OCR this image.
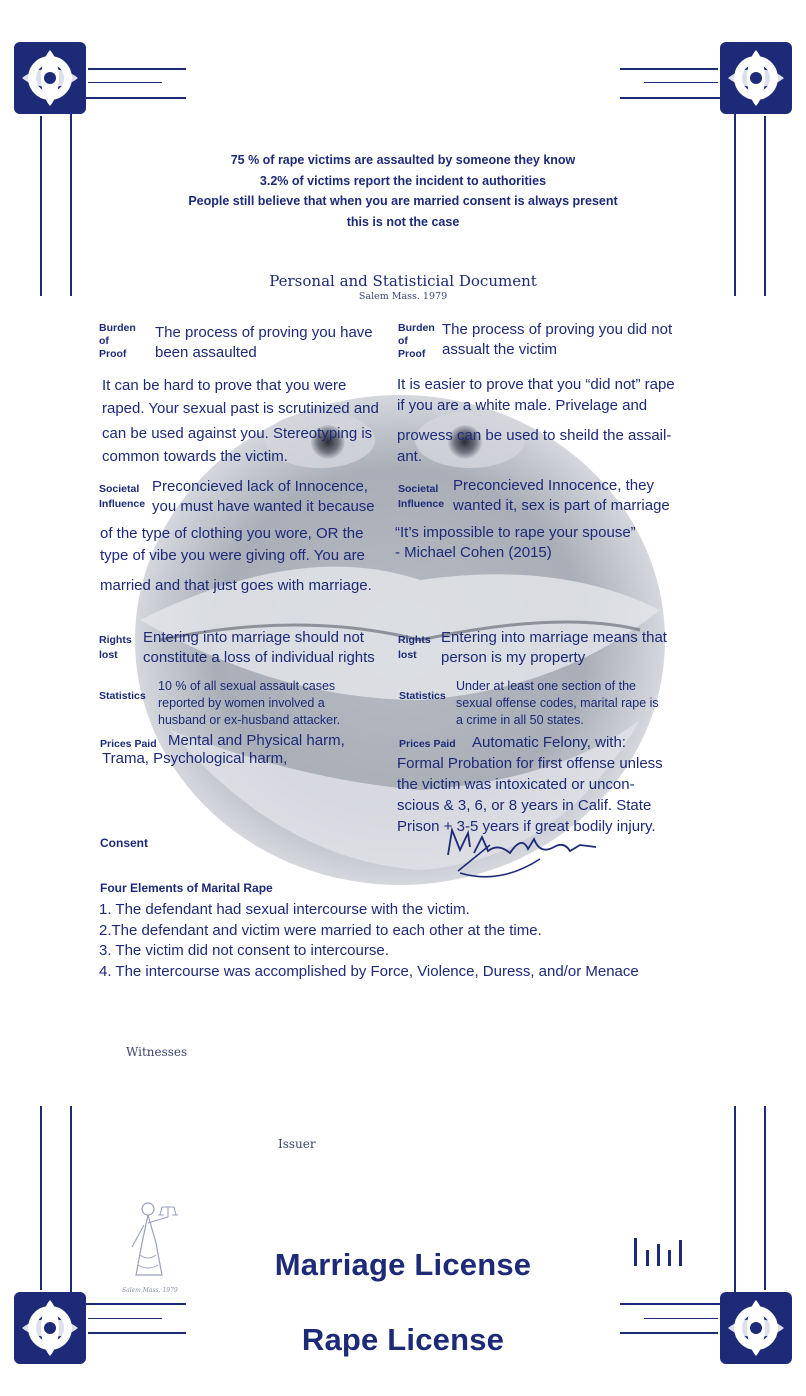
75 % of rape victims are assaulted by someone they know
3.2% of victims report the incident to authorities
People still believe that when you are married consent is always present
this is not the case
Personal and Statisticial Document
Salem Mass. 1979
Burden
of
Proof
The process of proving you have
been assaulted
It can be hard to prove that you were
raped. Your sexual past is scrutinized and
can be used against you. Stereotyping is
common towards the victim.
Societal
Influence
Preconcieved lack of Innocence,
you must have wanted it because
of the type of clothing you wore, OR the
type of vibe you were giving off. You are
married and that just goes with marriage.
Rights
lost
Entering into marriage should not
constitute a loss of individual rights
Statistics
10 % of all sexual assault cases
reported by women involved a
husband or ex-husband attacker.
Prices Paid Mental and Physical harm,
Trama, Psychological harm,
Burden
of
Proof
The process of proving you did not
assualt the victim
It is easier to prove that you “did not” rape
if you are a white male. Privelage and
prowess can be used to sheild the assail-
ant.
Societal
Influence
Preconcieved Innocence, they
wanted it, sex is part of marriage
“It’s impossible to rape your spouse”
- Michael Cohen (2015)
Rights
lost
Entering into marriage means that
person is my property
Statistics
Under at least one section of the
sexual offense codes, marital rape is
a crime in all 50 states.
Prices Paid	Automatic Felony, with:
Formal Probation for first offense unless
the victim was intoxicated or uncon-
scious & 3, 6, or 8 years in Calif. State
Prison + 3-5 years if great bodily injury.
Consent
Four Elements of Marital Rape
1. The defendant had sexual intercourse with the victim.
2.The defendant and victim were married to each other at the time.
3. The victim did not consent to intercourse.
4. The intercourse was accomplished by Force, Violence, Duress, and/or Menace
Witnesses
Issuer
Salem Mass. 1979
Marriage License
Rape License
